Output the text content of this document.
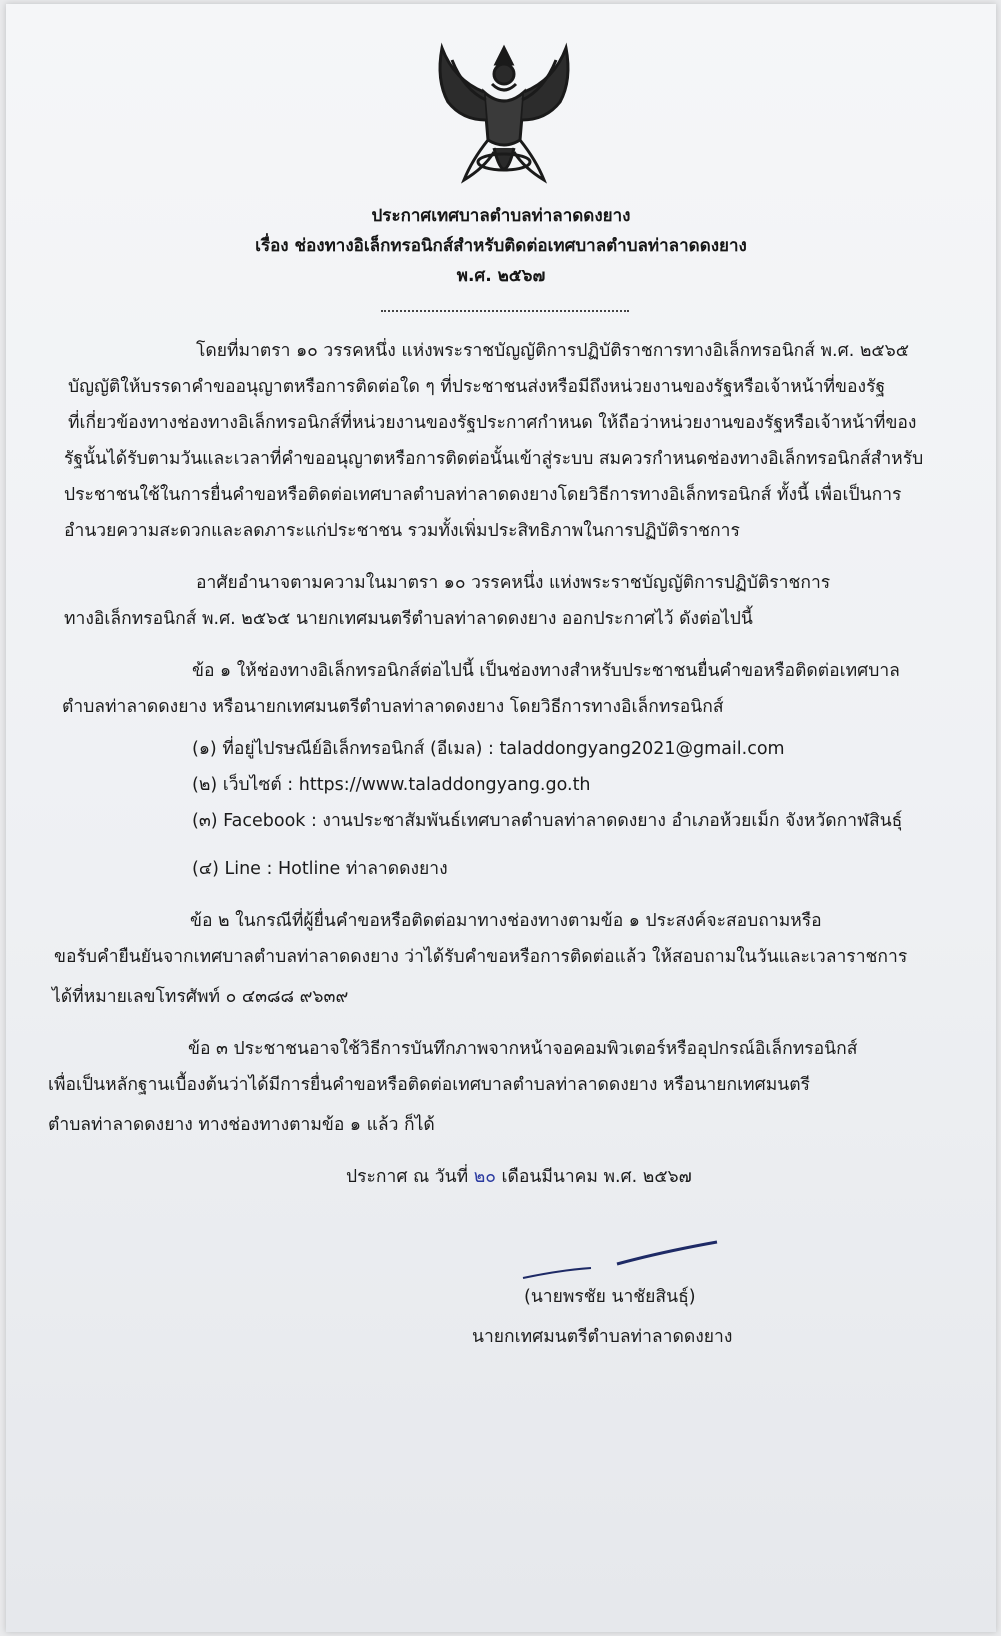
ประกาศเทศบาลตำบลท่าลาดดงยาง
เรื่อง ช่องทางอิเล็กทรอนิกส์สำหรับติดต่อเทศบาลตำบลท่าลาดดงยาง
พ.ศ. ๒๕๖๗
โดยที่มาตรา ๑๐ วรรคหนึ่ง แห่งพระราชบัญญัติการปฏิบัติราชการทางอิเล็กทรอนิกส์ พ.ศ. ๒๕๖๕
บัญญัติให้บรรดาคำขออนุญาตหรือการติดต่อใด ๆ ที่ประชาชนส่งหรือมีถึงหน่วยงานของรัฐหรือเจ้าหน้าที่ของรัฐ
ที่เกี่ยวข้องทางช่องทางอิเล็กทรอนิกส์ที่หน่วยงานของรัฐประกาศกำหนด ให้ถือว่าหน่วยงานของรัฐหรือเจ้าหน้าที่ของ
รัฐนั้นได้รับตามวันและเวลาที่คำขออนุญาตหรือการติดต่อนั้นเข้าสู่ระบบ สมควรกำหนดช่องทางอิเล็กทรอนิกส์สำหรับ
ประชาชนใช้ในการยื่นคำขอหรือติดต่อเทศบาลตำบลท่าลาดดงยางโดยวิธีการทางอิเล็กทรอนิกส์ ทั้งนี้ เพื่อเป็นการ
อำนวยความสะดวกและลดภาระแก่ประชาชน รวมทั้งเพิ่มประสิทธิภาพในการปฏิบัติราชการ
อาศัยอำนาจตามความในมาตรา ๑๐ วรรคหนึ่ง แห่งพระราชบัญญัติการปฏิบัติราชการ
ทางอิเล็กทรอนิกส์ พ.ศ. ๒๕๖๕ นายกเทศมนตรีตำบลท่าลาดดงยาง ออกประกาศไว้ ดังต่อไปนี้
ข้อ ๑ ให้ช่องทางอิเล็กทรอนิกส์ต่อไปนี้ เป็นช่องทางสำหรับประชาชนยื่นคำขอหรือติดต่อเทศบาล
ตำบลท่าลาดดงยาง หรือนายกเทศมนตรีตำบลท่าลาดดงยาง โดยวิธีการทางอิเล็กทรอนิกส์
(๑) ที่อยู่ไปรษณีย์อิเล็กทรอนิกส์ (อีเมล) : taladdongyang2021@gmail.com
(๒) เว็บไซต์ : https://www.taladdongyang.go.th
(๓) Facebook : งานประชาสัมพันธ์เทศบาลตำบลท่าลาดดงยาง อำเภอห้วยเม็ก จังหวัดกาฬสินธุ์
(๔) Line : Hotline ท่าลาดดงยาง
ข้อ ๒ ในกรณีที่ผู้ยื่นคำขอหรือติดต่อมาทางช่องทางตามข้อ ๑ ประสงค์จะสอบถามหรือ
ขอรับคำยืนยันจากเทศบาลตำบลท่าลาดดงยาง ว่าได้รับคำขอหรือการติดต่อแล้ว ให้สอบถามในวันและเวลาราชการ
ได้ที่หมายเลขโทรศัพท์ ๐ ๔๓๘๘ ๙๖๓๙
ข้อ ๓ ประชาชนอาจใช้วิธีการบันทึกภาพจากหน้าจอคอมพิวเตอร์หรืออุปกรณ์อิเล็กทรอนิกส์
เพื่อเป็นหลักฐานเบื้องต้นว่าได้มีการยื่นคำขอหรือติดต่อเทศบาลตำบลท่าลาดดงยาง หรือนายกเทศมนตรี
ตำบลท่าลาดดงยาง ทางช่องทางตามข้อ ๑ แล้ว ก็ได้
ประกาศ ณ วันที่ ๒๐ เดือนมีนาคม พ.ศ. ๒๕๖๗
(นายพรชัย นาชัยสินธุ์)
นายกเทศมนตรีตำบลท่าลาดดงยาง
